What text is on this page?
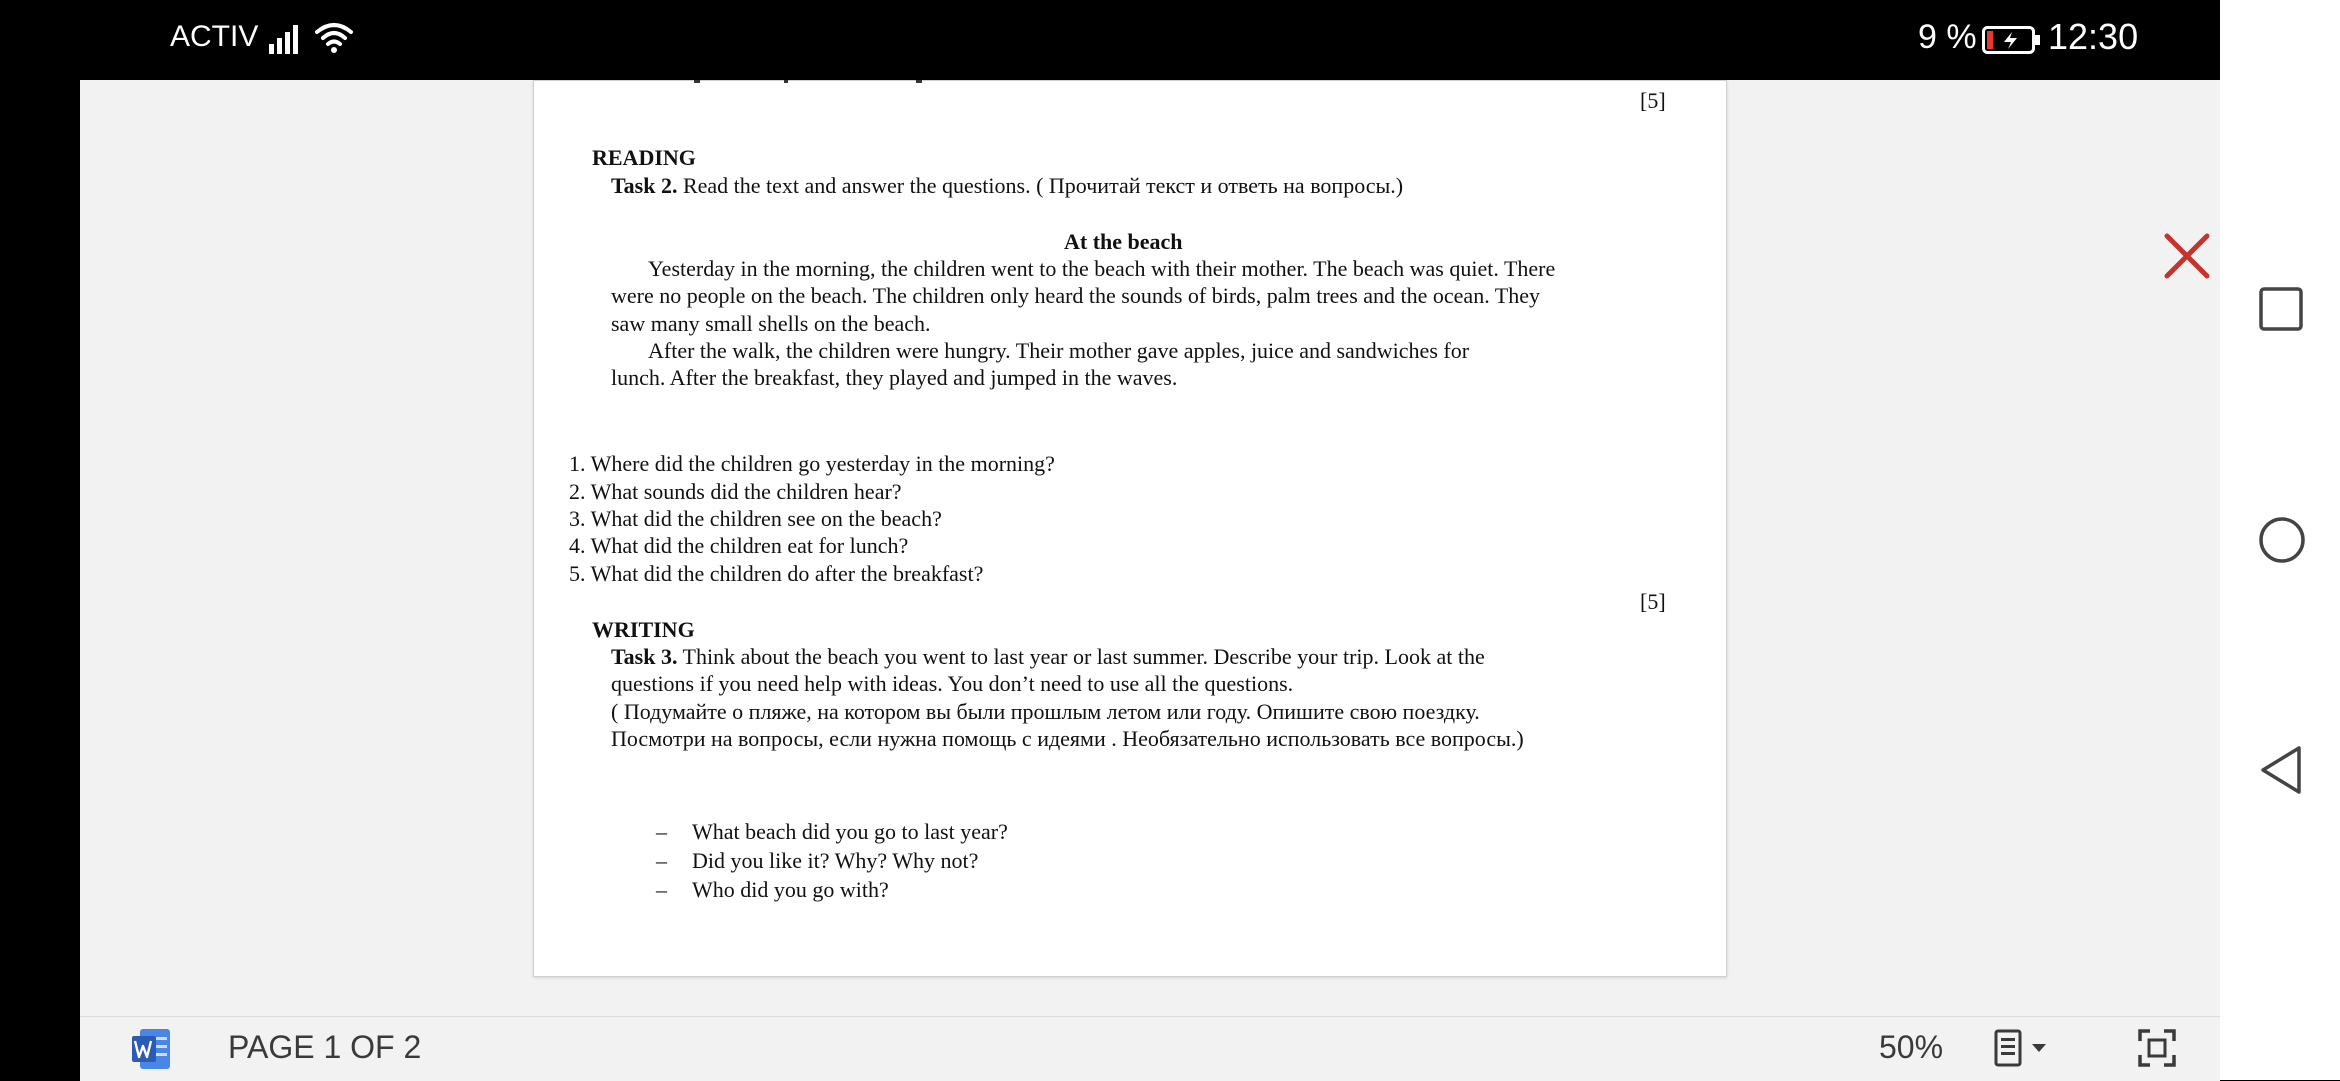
ACTIV	9 % 12:30
[5]
READING
Task 2. Read the text and answer the questions. ( Прочитай текст и ответь на вопросы.)
At the beach
Yesterday in the morning, the children went to the beach with their mother. The beach was quiet. There
were no people on the beach. The children only heard the sounds of birds, palm trees and the ocean. They
saw many small shells on the beach.
After the walk, the children were hungry. Their mother gave apples, juice and sandwiches for
lunch. After the breakfast, they played and jumped in the waves.
1. Where did the children go yesterday in the morning?
2. What sounds did the children hear?
3. What did the children see on the beach?
4. What did the children eat for lunch?
5. What did the children do after the breakfast?
[5]
WRITING
Task 3. Think about the beach you went to last year or last summer. Describe your trip. Look at the
questions if you need help with ideas. You don’t need to use all the questions.
( Подумайте о пляже, на котором вы были прошлым летом или году. Опишите свою поездку.
Посмотри на вопросы, если нужна помощь с идеями . Необязательно использовать все вопросы.)
– What beach did you go to last year?
– Did you like it? Why? Why not?
– Who did you go with?
PAGE 1 OF 2	50%
